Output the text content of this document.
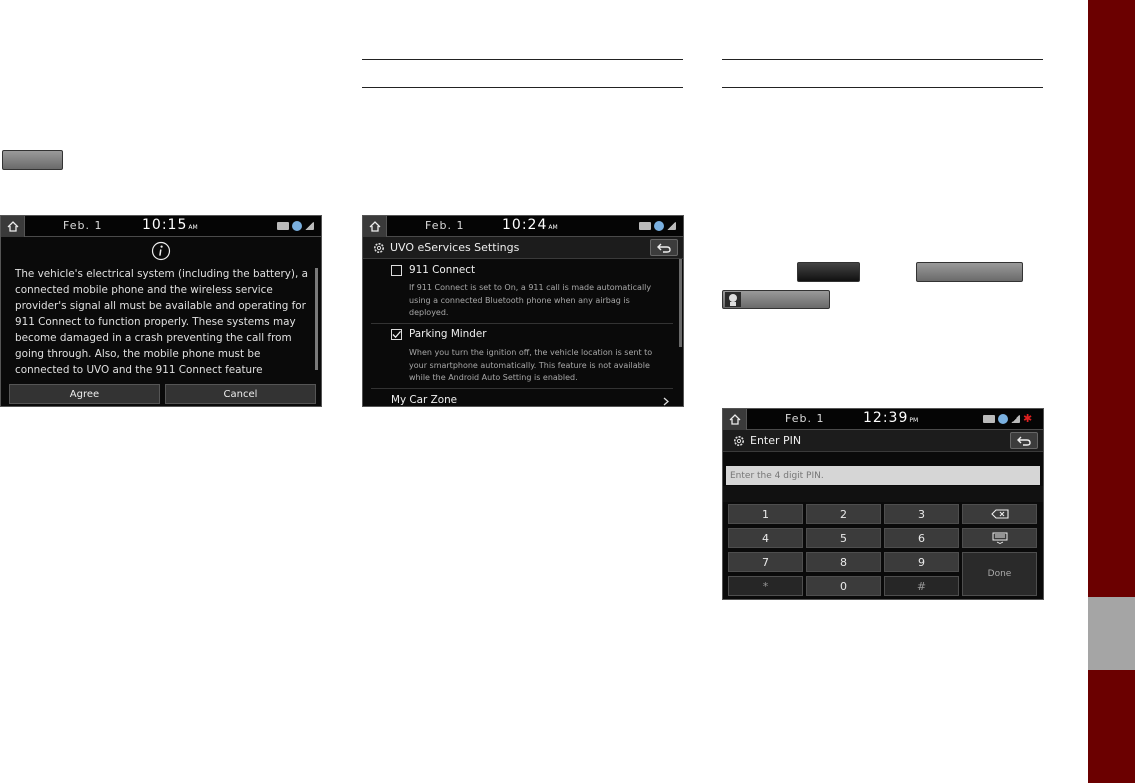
Feb. 1	10:15AM
The vehicle's electrical system (including the battery), a
connected mobile phone and the wireless service
provider's signal all must be available and operating for
911 Connect to function properly. These systems may
become damaged in a crash preventing the call from
going through. Also, the mobile phone must be
connected to UVO and the 911 Connect feature
Agree	Cancel
Feb. 1	10:24AM
UVO eServices Settings
911 Connect
If 911 Connect is set to On, a 911 call is made automatically
using a connected Bluetooth phone when any airbag is
deployed.
Parking Minder
When you turn the ignition off, the vehicle location is sent to
your smartphone automatically. This feature is not available
while the Android Auto Setting is enabled.
My Car Zone
Feb. 1	12:39PM	✱
Enter PIN
Enter the 4 digit PIN.
1	2	3
4	5	6
7	8	9
Done
*	0	#
